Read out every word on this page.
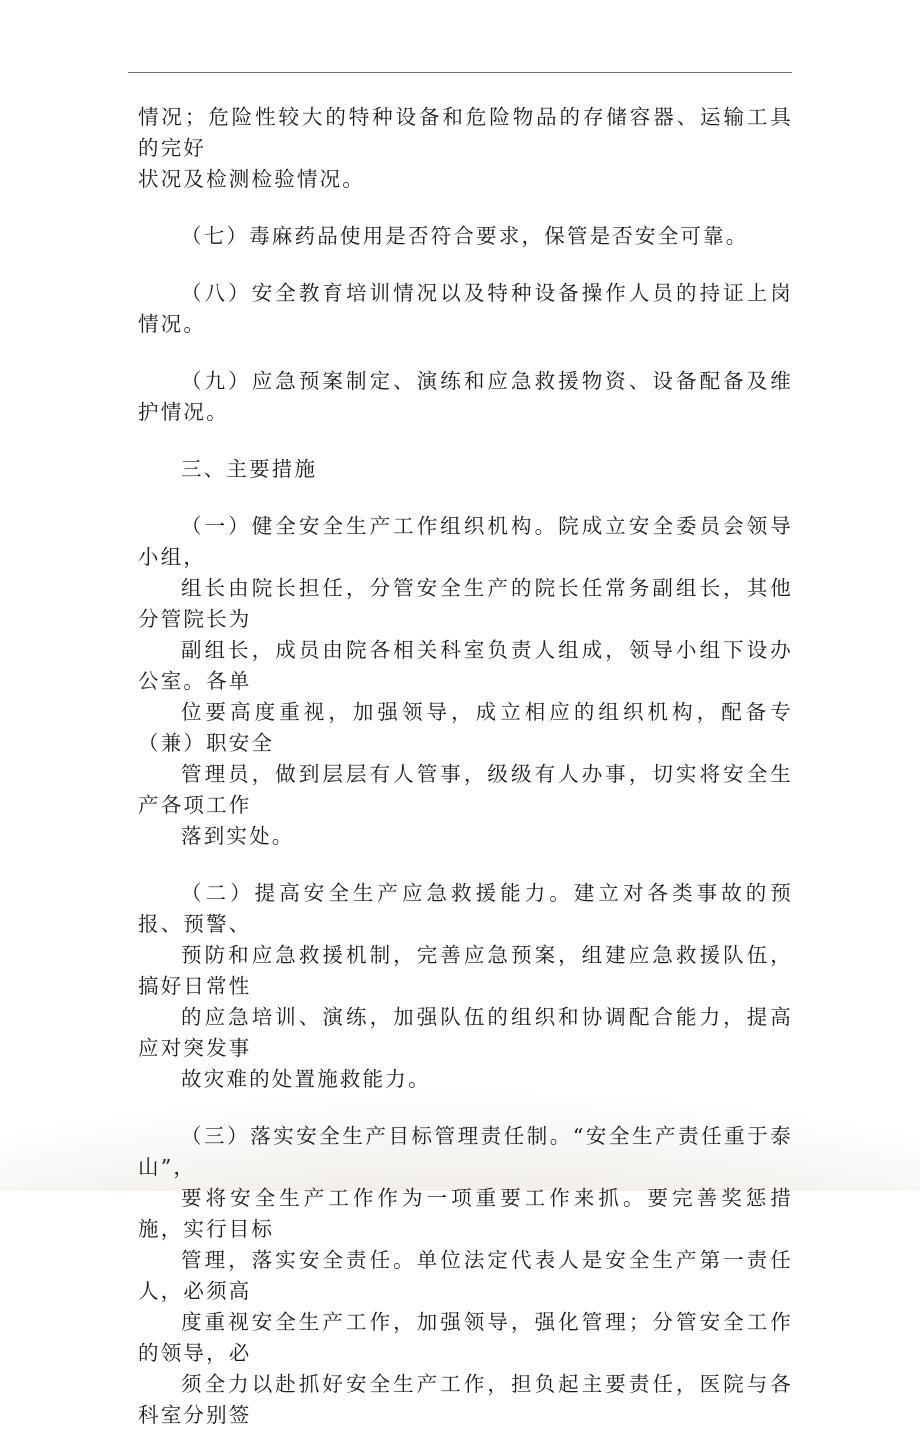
情况；危险性较大的特种设备和危险物品的存储容器、运输工具的完好
状况及检测检验情况。
（七）毒麻药品使用是否符合要求，保管是否安全可靠。
（八）安全教育培训情况以及特种设备操作人员的持证上岗情况。
（九）应急预案制定、演练和应急救援物资、设备配备及维护情况。
三、主要措施
（一）健全安全生产工作组织机构。院成立安全委员会领导小组，
组长由院长担任，分管安全生产的院长任常务副组长，其他分管院长为
副组长，成员由院各相关科室负责人组成，领导小组下设办公室。各单
位要高度重视，加强领导，成立相应的组织机构，配备专（兼）职安全
管理员，做到层层有人管事，级级有人办事，切实将安全生产各项工作
落到实处。
（二）提高安全生产应急救援能力。建立对各类事故的预报、预警、
预防和应急救援机制，完善应急预案，组建应急救援队伍，搞好日常性
的应急培训、演练，加强队伍的组织和协调配合能力，提高应对突发事
故灾难的处置施救能力。
（三）落实安全生产目标管理责任制。“安全生产责任重于泰山”，
要将安全生产工作作为一项重要工作来抓。要完善奖惩措施，实行目标
管理，落实安全责任。单位法定代表人是安全生产第一责任人，必须高
度重视安全生产工作，加强领导，强化管理；分管安全工作的领导，必
须全力以赴抓好安全生产工作，担负起主要责任，医院与各科室分别签
